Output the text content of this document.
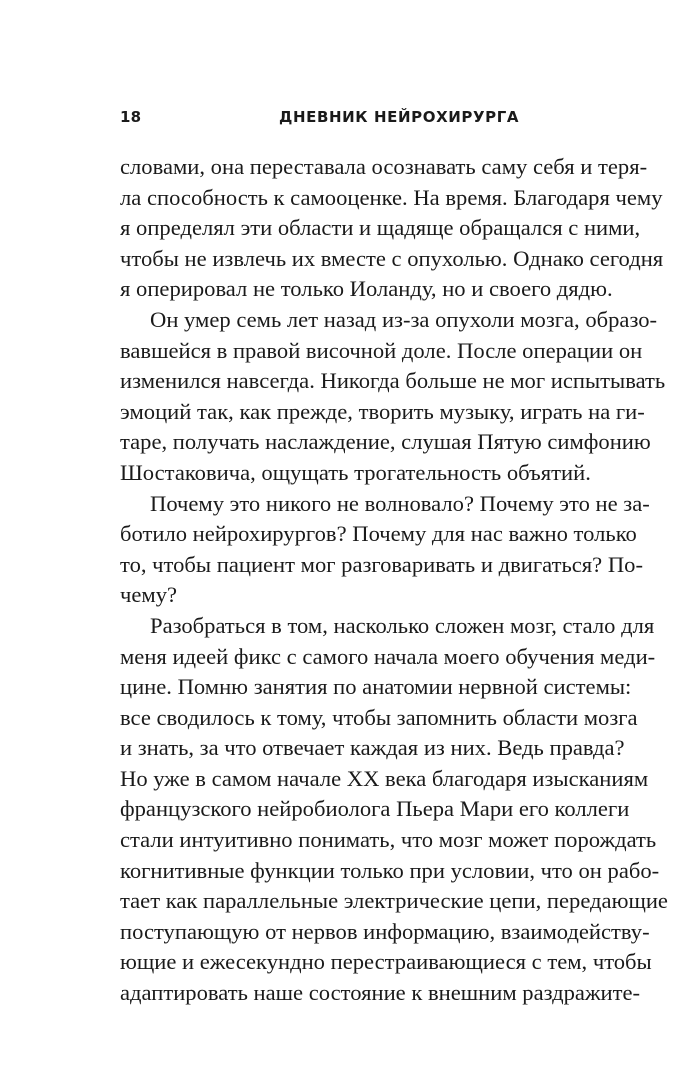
18	ДНЕВНИК НЕЙРОХИРУРГА
словами, она переставала осознавать саму себя и теря-
ла способность к самооценке. На время. Благодаря чему
я определял эти области и щадяще обращался с ними,
чтобы не извлечь их вместе с опухолью. Однако сегодня
я оперировал не только Иоланду, но и своего дядю.
Он умер семь лет назад из-за опухоли мозга, образо-
вавшейся в правой височной доле. После операции он
изменился навсегда. Никогда больше не мог испытывать
эмоций так, как прежде, творить музыку, играть на ги-
таре, получать наслаждение, слушая Пятую симфонию
Шостаковича, ощущать трогательность объятий.
Почему это никого не волновало? Почему это не за-
ботило нейрохирургов? Почему для нас важно только
то, чтобы пациент мог разговаривать и двигаться? По-
чему?
Разобраться в том, насколько сложен мозг, стало для
меня идеей фикс с самого начала моего обучения меди-
цине. Помню занятия по анатомии нервной системы:
все сводилось к тому, чтобы запомнить области мозга
и знать, за что отвечает каждая из них. Ведь правда?
Но уже в самом начале XX века благодаря изысканиям
французского нейробиолога Пьера Мари его коллеги
стали интуитивно понимать, что мозг может порождать
когнитивные функции только при условии, что он рабо-
тает как параллельные электрические цепи, передающие
поступающую от нервов информацию, взаимодейству-
ющие и ежесекундно перестраивающиеся с тем, чтобы
адаптировать наше состояние к внешним раздражите-
